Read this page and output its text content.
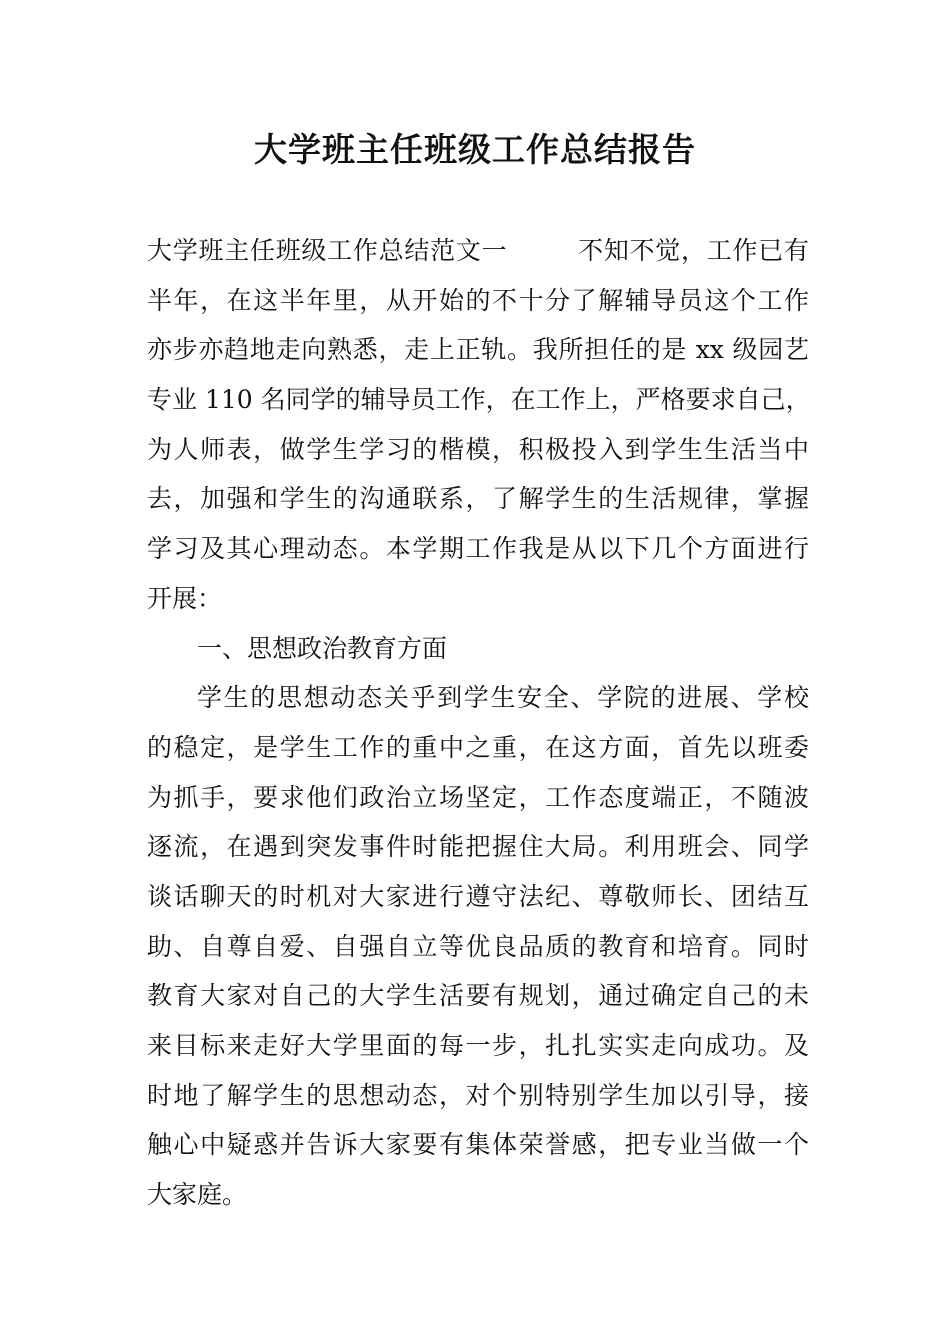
大学班主任班级工作总结报告
大学班主任班级工作总结范文一	不知不觉，工作已有
半年，在这半年里，从开始的不十分了解辅导员这个工作
亦步亦趋地走向熟悉，走上正轨。我所担任的是 xx 级园艺
专业 110 名同学的辅导员工作，在工作上，严格要求自己，
为人师表，做学生学习的楷模，积极投入到学生生活当中
去，加强和学生的沟通联系，了解学生的生活规律，掌握
学习及其心理动态。本学期工作我是从以下几个方面进行
开展：
一、思想政治教育方面
学生的思想动态关乎到学生安全、学院的进展、学校
的稳定，是学生工作的重中之重，在这方面，首先以班委
为抓手，要求他们政治立场坚定，工作态度端正，不随波
逐流，在遇到突发事件时能把握住大局。利用班会、同学
谈话聊天的时机对大家进行遵守法纪、尊敬师长、团结互
助、自尊自爱、自强自立等优良品质的教育和培育。同时
教育大家对自己的大学生活要有规划，通过确定自己的未
来目标来走好大学里面的每一步，扎扎实实走向成功。及
时地了解学生的思想动态，对个别特别学生加以引导，接
触心中疑惑并告诉大家要有集体荣誉感，把专业当做一个
大家庭。
